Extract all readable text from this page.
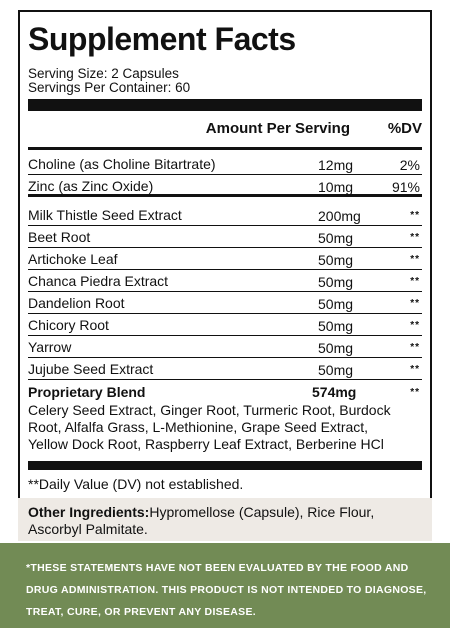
Supplement Facts
Serving Size: 2 Capsules
Servings Per Container: 60
Amount Per Serving	%DV
Choline (as Choline Bitartrate)	12mg	2%
Zinc (as Zinc Oxide)	10mg	91%
Milk Thistle Seed Extract	200mg	**
Beet Root	50mg	**
Artichoke Leaf	50mg	**
Chanca Piedra Extract	50mg	**
Dandelion Root	50mg	**
Chicory Root	50mg	**
Yarrow	50mg	**
Jujube Seed Extract	50mg	**
Proprietary Blend	574mg	**
Celery Seed Extract, Ginger Root, Turmeric Root, Burdock Root, Alfalfa Grass, L-Methionine, Grape Seed Extract, Yellow Dock Root, Raspberry Leaf Extract, Berberine HCl
**Daily Value (DV) not established.
Other Ingredients:Hypromellose (Capsule), Rice Flour, Ascorbyl Palmitate.
*THESE STATEMENTS HAVE NOT BEEN EVALUATED BY THE FOOD AND DRUG ADMINISTRATION. THIS PRODUCT IS NOT INTENDED TO DIAGNOSE, TREAT, CURE, OR PREVENT ANY DISEASE.
